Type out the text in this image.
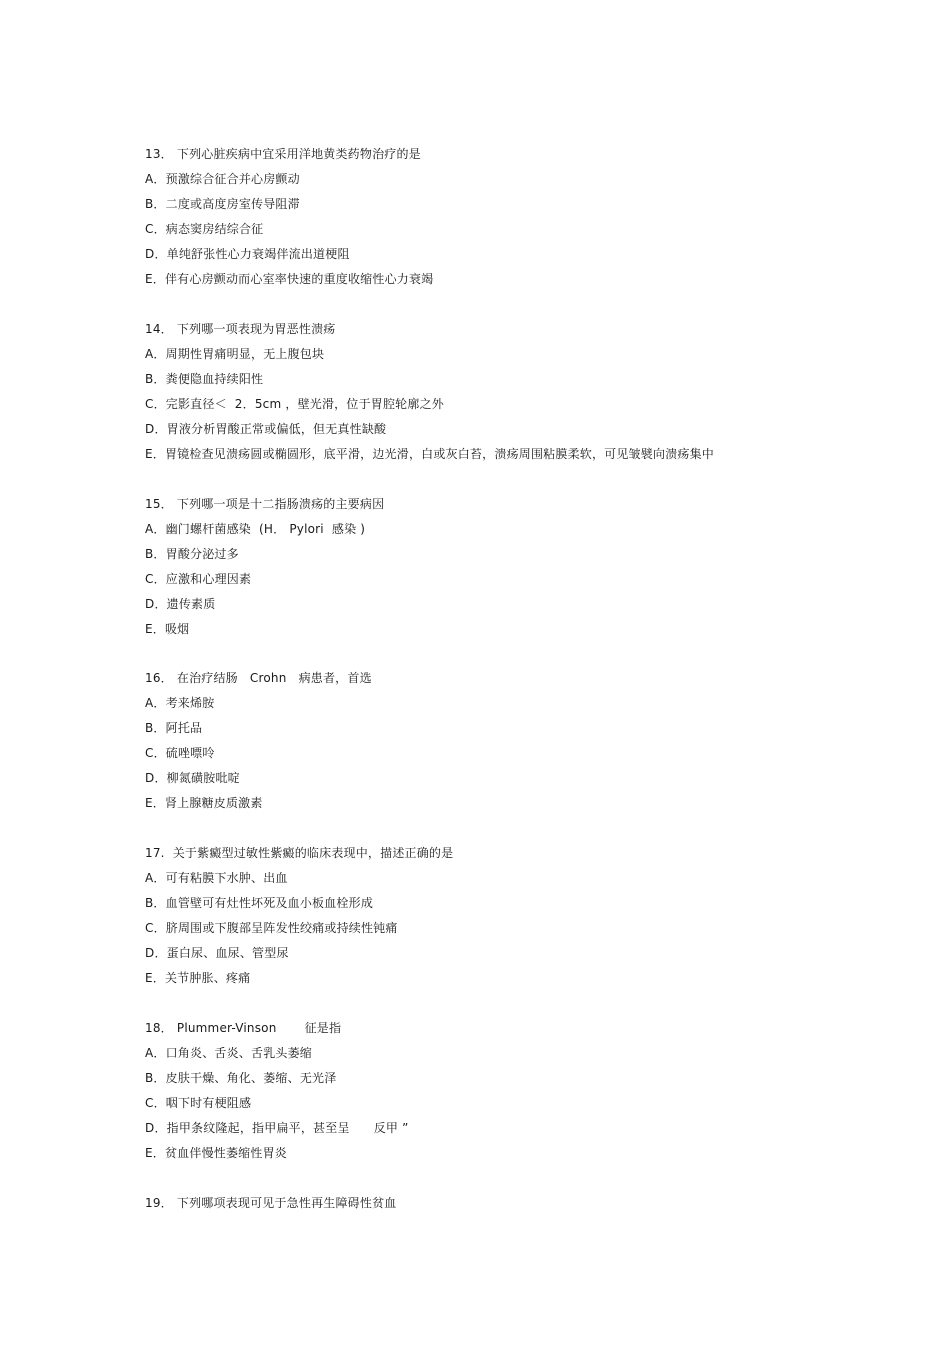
13． 下列心脏疾病中宜采用洋地黄类药物治疗的是
A．预激综合征合并心房颤动
B．二度或高度房室传导阻滞
C．病态窦房结综合征
D．单纯舒张性心力衰竭伴流出道梗阻
E．伴有心房颤动而心室率快速的重度收缩性心力衰竭
14． 下列哪一项表现为胃恶性溃疡
A．周期性胃痛明显，无上腹包块
B．粪便隐血持续阳性
C．完影直径＜  2．5cm ，壁光滑，位于胃腔轮廓之外
D．胃液分析胃酸正常或偏低，但无真性缺酸
E．胃镜检查见溃疡圆或椭圆形，底平滑，边光滑，白或灰白苔，溃疡周围粘膜柔软，可见皱襞向溃疡集中
15． 下列哪一项是十二指肠溃疡的主要病因
A．幽门螺杆菌感染  (H． Pylori  感染 )
B．胃酸分泌过多
C．应激和心理因素
D．遗传素质
E．吸烟
16． 在治疗结肠   Crohn   病患者，首选
A．考来烯胺
B．阿托品
C．硫唑嘌呤
D．柳氮磺胺吡啶
E．肾上腺糖皮质激素
17.  关于紫癜型过敏性紫癜的临床表现中，描述正确的是
A．可有粘膜下水肿、出血
B．血管壁可有灶性坏死及血小板血栓形成
C．脐周围或下腹部呈阵发性绞痛或持续性钝痛
D．蛋白尿、血尿、管型尿
E．关节肿胀、疼痛
18． Plummer-Vinson       征是指
A．口角炎、舌炎、舌乳头萎缩
B．皮肤干燥、角化、萎缩、无光泽
C．咽下时有梗阻感
D．指甲条纹隆起，指甲扁平，甚至呈      反甲 ”
E．贫血伴慢性萎缩性胃炎
19． 下列哪项表现可见于急性再生障碍性贫血
